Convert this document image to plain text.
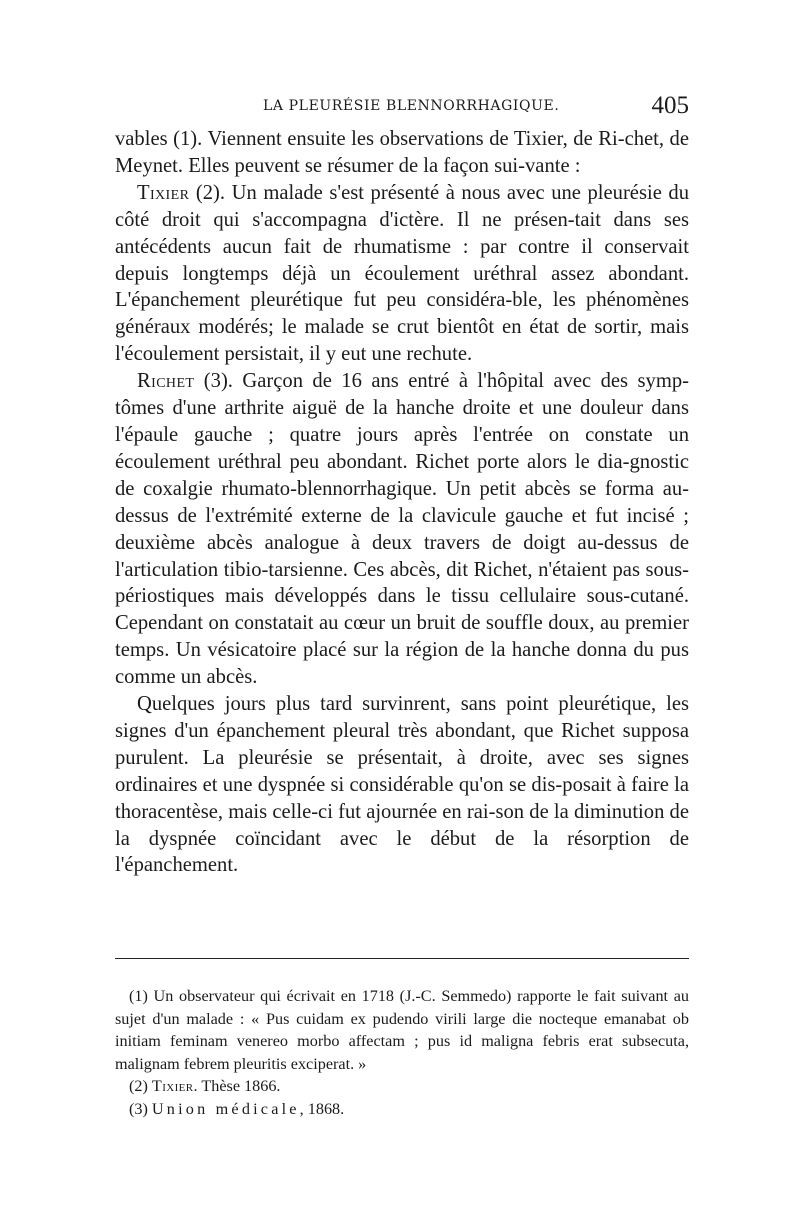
LA PLEURÉSIE BLENNORRHAGIQUE.	405

vables (1). Viennent ensuite les observations de Tixier, de Ri-chet, de Meynet. Elles peuvent se résumer de la façon sui-vante :

Tixier (2). Un malade s'est présenté à nous avec une pleurésie du côté droit qui s'accompagna d'ictère. Il ne présen-tait dans ses antécédents aucun fait de rhumatisme : par contre il conservait depuis longtemps déjà un écoulement uréthral assez abondant. L'épanchement pleurétique fut peu considéra-ble, les phénomènes généraux modérés; le malade se crut bientôt en état de sortir, mais l'écoulement persistait, il y eut une rechute.

Richet (3). Garçon de 16 ans entré à l'hôpital avec des symp-tômes d'une arthrite aiguë de la hanche droite et une douleur dans l'épaule gauche ; quatre jours après l'entrée on constate un écoulement uréthral peu abondant. Richet porte alors le dia-gnostic de coxalgie rhumato-blennorrhagique. Un petit abcès se forma au-dessus de l'extrémité externe de la clavicule gauche et fut incisé ; deuxième abcès analogue à deux travers de doigt au-dessus de l'articulation tibio-tarsienne. Ces abcès, dit Richet, n'étaient pas sous-périostiques mais développés dans le tissu cellulaire sous-cutané. Cependant on constatait au cœur un bruit de souffle doux, au premier temps. Un vésicatoire placé sur la région de la hanche donna du pus comme un abcès.

Quelques jours plus tard survinrent, sans point pleurétique, les signes d'un épanchement pleural très abondant, que Richet supposa purulent. La pleurésie se présentait, à droite, avec ses signes ordinaires et une dyspnée si considérable qu'on se dis-posait à faire la thoracentèse, mais celle-ci fut ajournée en rai-son de la diminution de la dyspnée coïncidant avec le début de la résorption de l'épanchement.

(1) Un observateur qui écrivait en 1718 (J.-C. Semmedo) rapporte le fait suivant au sujet d'un malade : « Pus cuidam ex pudendo virili large die nocteque emanabat ob initiam feminam venereo morbo affectam ; pus id maligna febris erat subsecuta, malignam febrem pleuritis exciperat. »

(2) Tixier. Thèse 1866.

(3) Union médicale, 1868.
